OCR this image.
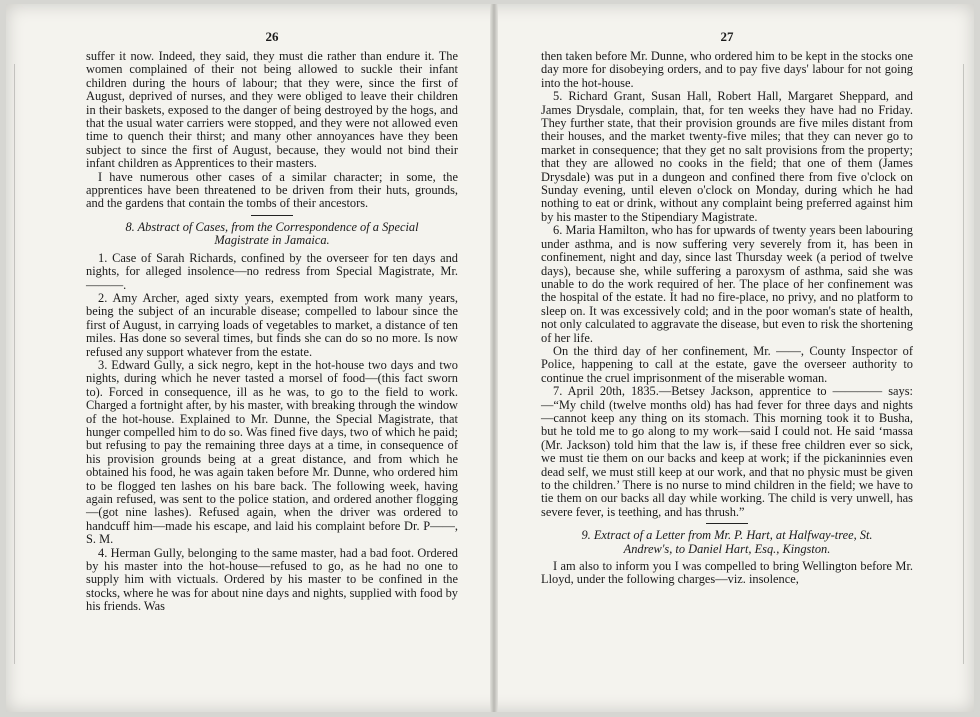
26

suffer it now. Indeed, they said, they must die rather than endure it. The women complained of their not being allowed to suckle their infant children during the hours of labour; that they were, since the first of August, deprived of nurses, and they were obliged to leave their children in their baskets, exposed to the danger of being destroyed by the hogs, and that the usual water carriers were stopped, and they were not allowed even time to quench their thirst; and many other annoyances have they been subject to since the first of August, because, they would not bind their infant children as Apprentices to their masters.

I have numerous other cases of a similar character; in some, the apprentices have been threatened to be driven from their huts, grounds, and the gardens that contain the tombs of their ancestors.

8. Abstract of Cases, from the Correspondence of a Special
Magistrate in Jamaica.

1. Case of Sarah Richards, confined by the overseer for ten days and nights, for alleged insolence—no redress from Special Magistrate, Mr. ———.

2. Amy Archer, aged sixty years, exempted from work many years, being the subject of an incurable disease; compelled to labour since the first of August, in carrying loads of vegetables to market, a distance of ten miles. Has done so several times, but finds she can do so no more. Is now refused any support whatever from the estate.

3. Edward Gully, a sick negro, kept in the hot-house two days and two nights, during which he never tasted a morsel of food—(this fact sworn to). Forced in consequence, ill as he was, to go to the field to work. Charged a fortnight after, by his master, with breaking through the window of the hot-house. Explained to Mr. Dunne, the Special Magistrate, that hunger compelled him to do so. Was fined five days, two of which he paid; but refusing to pay the remaining three days at a time, in consequence of his provision grounds being at a great distance, and from which he obtained his food, he was again taken before Mr. Dunne, who ordered him to be flogged ten lashes on his bare back. The following week, having again refused, was sent to the police station, and ordered another flogging—(got nine lashes). Refused again, when the driver was ordered to handcuff him—made his escape, and laid his complaint before Dr. P——, S. M.

4. Herman Gully, belonging to the same master, had a bad foot. Ordered by his master into the hot-house—refused to go, as he had no one to supply him with victuals. Ordered by his master to be confined in the stocks, where he was for about nine days and nights, supplied with food by his friends. Was

27

then taken before Mr. Dunne, who ordered him to be kept in the stocks one day more for disobeying orders, and to pay five days' labour for not going into the hot-house.

5. Richard Grant, Susan Hall, Robert Hall, Margaret Sheppard, and James Drysdale, complain, that, for ten weeks they have had no Friday. They further state, that their provision grounds are five miles distant from their houses, and the market twenty-five miles; that they can never go to market in consequence; that they get no salt provisions from the property; that they are allowed no cooks in the field; that one of them (James Drysdale) was put in a dungeon and confined there from five o'clock on Sunday evening, until eleven o'clock on Monday, during which he had nothing to eat or drink, without any complaint being preferred against him by his master to the Stipendiary Magistrate.

6. Maria Hamilton, who has for upwards of twenty years been labouring under asthma, and is now suffering very severely from it, has been in confinement, night and day, since last Thursday week (a period of twelve days), because she, while suffering a paroxysm of asthma, said she was unable to do the work required of her. The place of her confinement was the hospital of the estate. It had no fire-place, no privy, and no platform to sleep on. It was excessively cold; and in the poor woman's state of health, not only calculated to aggravate the disease, but even to risk the shortening of her life.

On the third day of her confinement, Mr. ——, County Inspector of Police, happening to call at the estate, gave the overseer authority to continue the cruel imprisonment of the miserable woman.

7. April 20th, 1835.—Betsey Jackson, apprentice to ———— says:—“My child (twelve months old) has had fever for three days and nights—cannot keep any thing on its stomach. This morning took it to Busha, but he told me to go along to my work—said I could not. He said ‘massa (Mr. Jackson) told him that the law is, if these free children ever so sick, we must tie them on our backs and keep at work; if the pickaninnies even dead self, we must still keep at our work, and that no physic must be given to the children.’ There is no nurse to mind children in the field; we have to tie them on our backs all day while working. The child is very unwell, has severe fever, is teething, and has thrush.”

9. Extract of a Letter from Mr. P. Hart, at Halfway-tree, St.
Andrew's, to Daniel Hart, Esq., Kingston.

I am also to inform you I was compelled to bring Wellington before Mr. Lloyd, under the following charges—viz. insolence,
